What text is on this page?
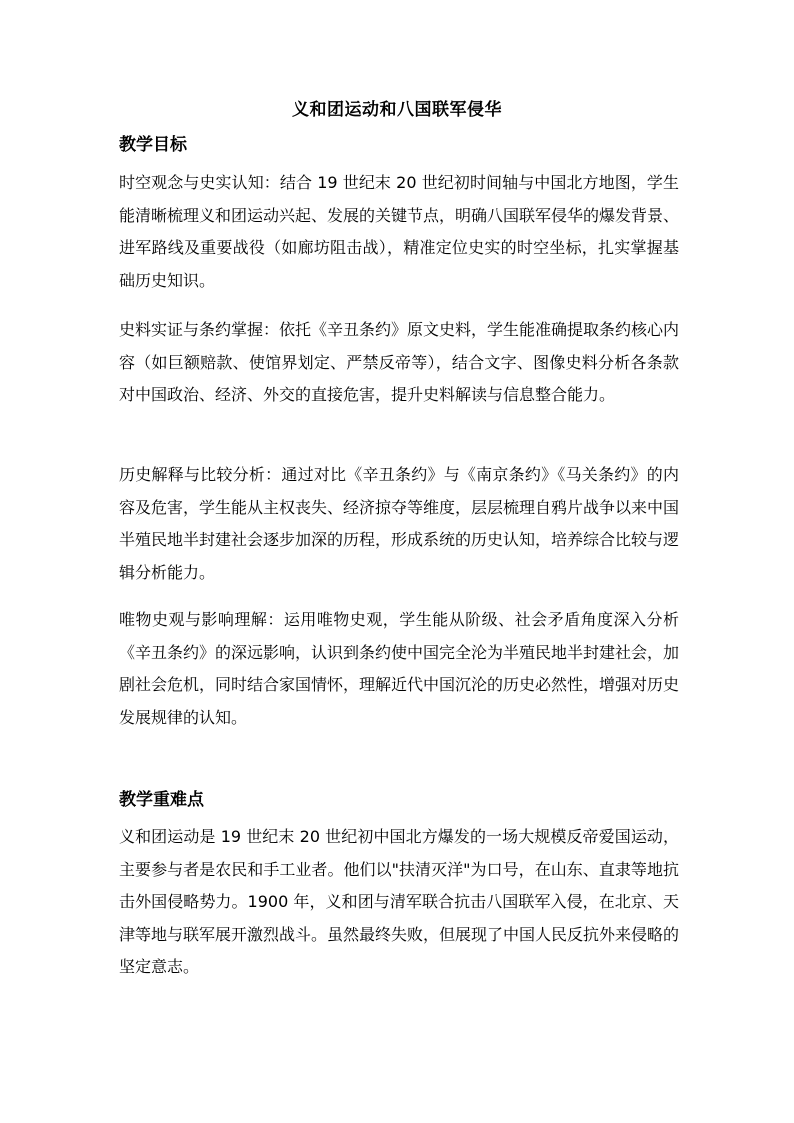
义和团运动和八国联军侵华
教学目标

时空观念与史实认知：结合 19 世纪末 20 世纪初时间轴与中国北方地图，学生能清晰梳理义和团运动兴起、发展的关键节点，明确八国联军侵华的爆发背景、进军路线及重要战役（如廊坊阻击战），精准定位史实的时空坐标，扎实掌握基础历史知识。

史料实证与条约掌握：依托《辛丑条约》原文史料，学生能准确提取条约核心内容（如巨额赔款、使馆界划定、严禁反帝等），结合文字、图像史料分析各条款对中国政治、经济、外交的直接危害，提升史料解读与信息整合能力。

历史解释与比较分析：通过对比《辛丑条约》与《南京条约》《马关条约》的内容及危害，学生能从主权丧失、经济掠夺等维度，层层梳理自鸦片战争以来中国半殖民地半封建社会逐步加深的历程，形成系统的历史认知，培养综合比较与逻辑分析能力。

唯物史观与影响理解：运用唯物史观，学生能从阶级、社会矛盾角度深入分析《辛丑条约》的深远影响，认识到条约使中国完全沦为半殖民地半封建社会，加剧社会危机，同时结合家国情怀，理解近代中国沉沦的历史必然性，增强对历史发展规律的认知。

教学重难点

义和团运动是 19 世纪末 20 世纪初中国北方爆发的一场大规模反帝爱国运动，主要参与者是农民和手工业者。他们以"扶清灭洋"为口号，在山东、直隶等地抗击外国侵略势力。1900 年，义和团与清军联合抗击八国联军入侵，在北京、天津等地与联军展开激烈战斗。虽然最终失败，但展现了中国人民反抗外来侵略的坚定意志。
